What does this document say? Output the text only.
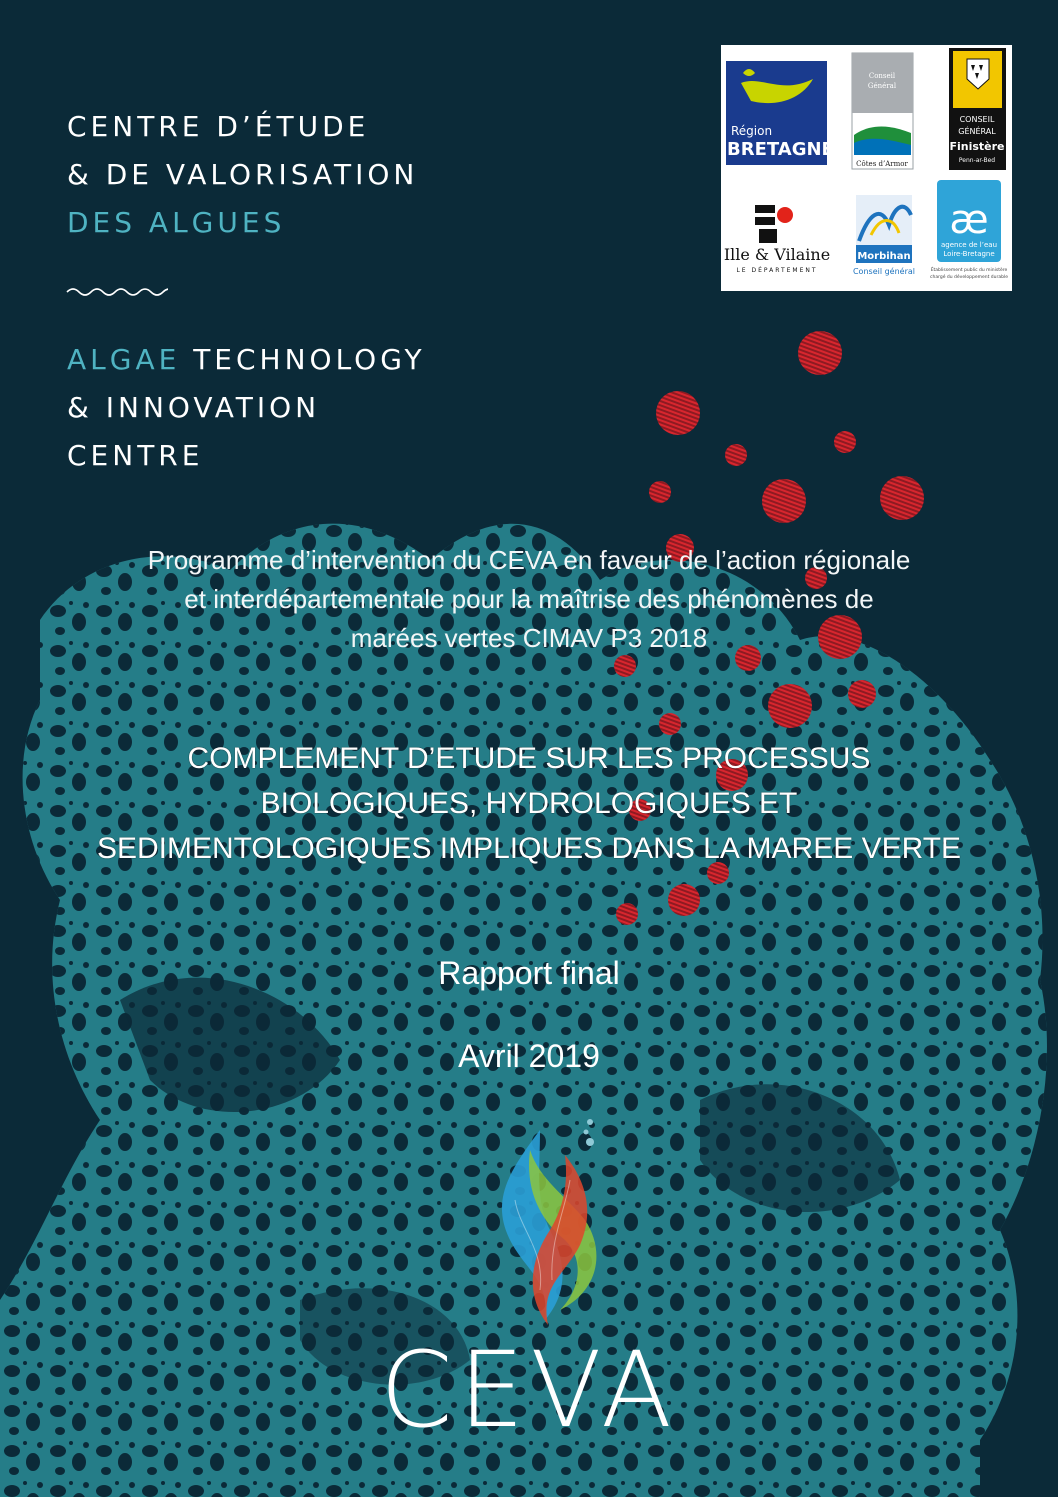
CENTRE D’ÉTUDE
& DE VALORISATION
DES ALGUES
ALGAE TECHNOLOGY
& INNOVATION
CENTRE
Région
BRETAGNE
Conseil
Général
Côtes d’Armor
CONSEIL
GÉNÉRAL
Finistère
Penn-ar-Bed
Ille & Vilaine
LE DÉPARTEMENT
Morbihan
Conseil général
æ
agence de l’eau
Loire-Bretagne
Établissement public du ministère
chargé du développement durable
Programme d’intervention du CEVA en faveur de l’action régionale
et interdépartementale pour la maîtrise des phénomènes de
marées vertes CIMAV P3 2018
COMPLEMENT D’ETUDE SUR LES PROCESSUS
BIOLOGIQUES, HYDROLOGIQUES ET
SEDIMENTOLOGIQUES IMPLIQUES DANS LA MAREE VERTE
Rapport final
Avril 2019
CEVA
